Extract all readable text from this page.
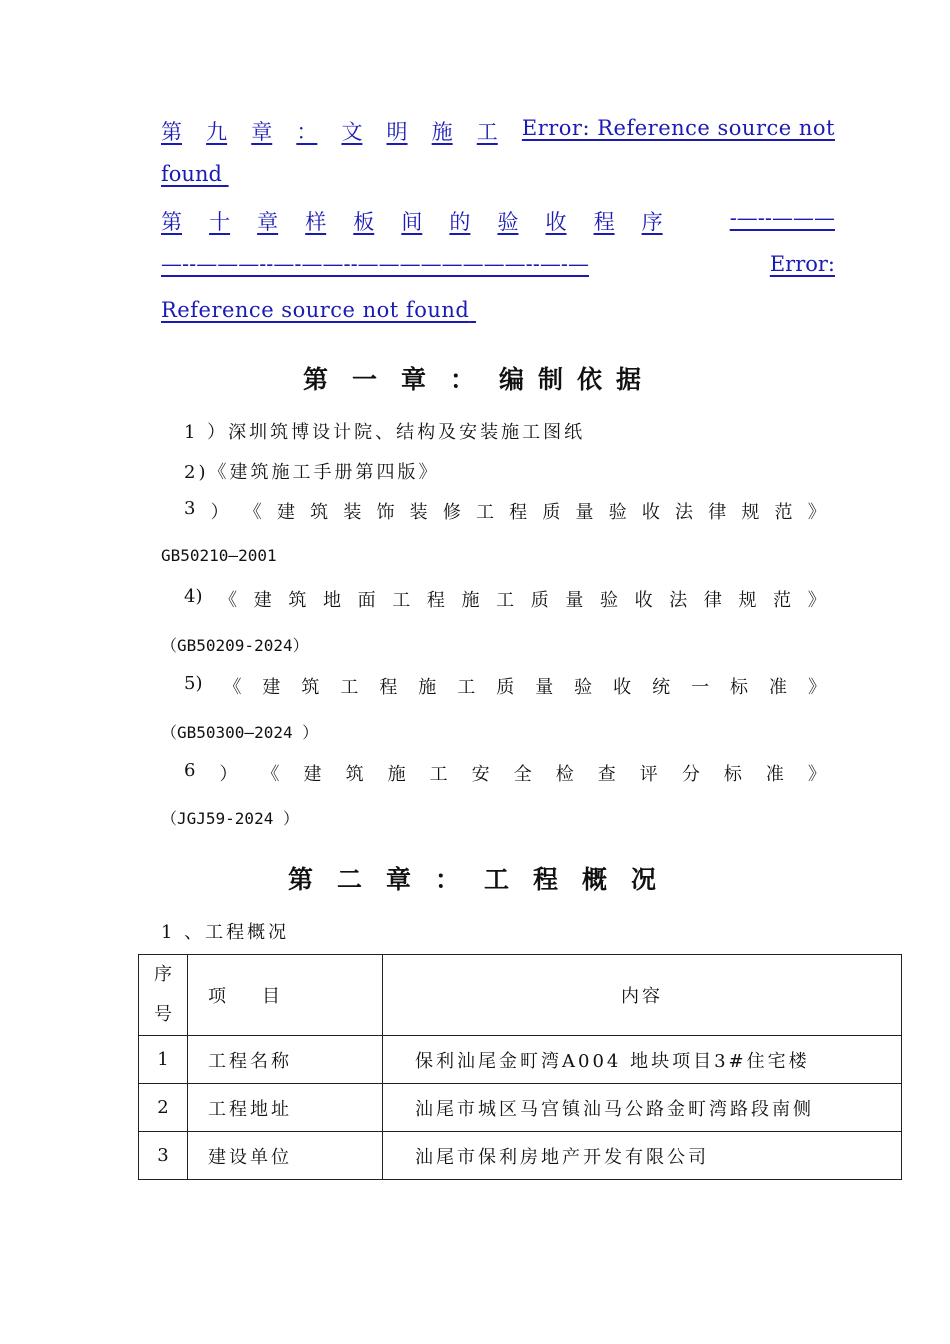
第 九 章 ： 文 明 施 工 Error: Reference source not
found
第 十 章 样 板 间 的 验 收 程 序	-—--———
—--———--—-——--————————--—-—	Error:
Reference source not found
第 一 章 ： 编 制 依 据
1 ）深圳筑博设计院、结构及安装施工图纸
2)《建筑施工手册第四版》
3 ） 《 建 筑 装 饰 装 修 工 程 质 量 验 收 法 律 规 范 》
GB50210—2001
4) 《 建 筑 地 面 工 程 施 工 质 量 验 收 法 律 规 范 》
（GB50209-2024）
5) 《 建 筑 工 程 施 工 质 量 验 收 统 一 标 准 》
（GB50300—2024 ）
6 ） 《 建 筑 施 工 安 全 检 查 评 分 标 准 》
（JGJ59-2024 ）
第 二 章 ： 工 程 概 况
1 、工程概况
序
号	项　　目	内容
1	工程名称	保利汕尾金町湾A004 地块项目3#住宅楼
2	工程地址	汕尾市城区马宫镇汕马公路金町湾路段南侧
3	建设单位	汕尾市保利房地产开发有限公司
